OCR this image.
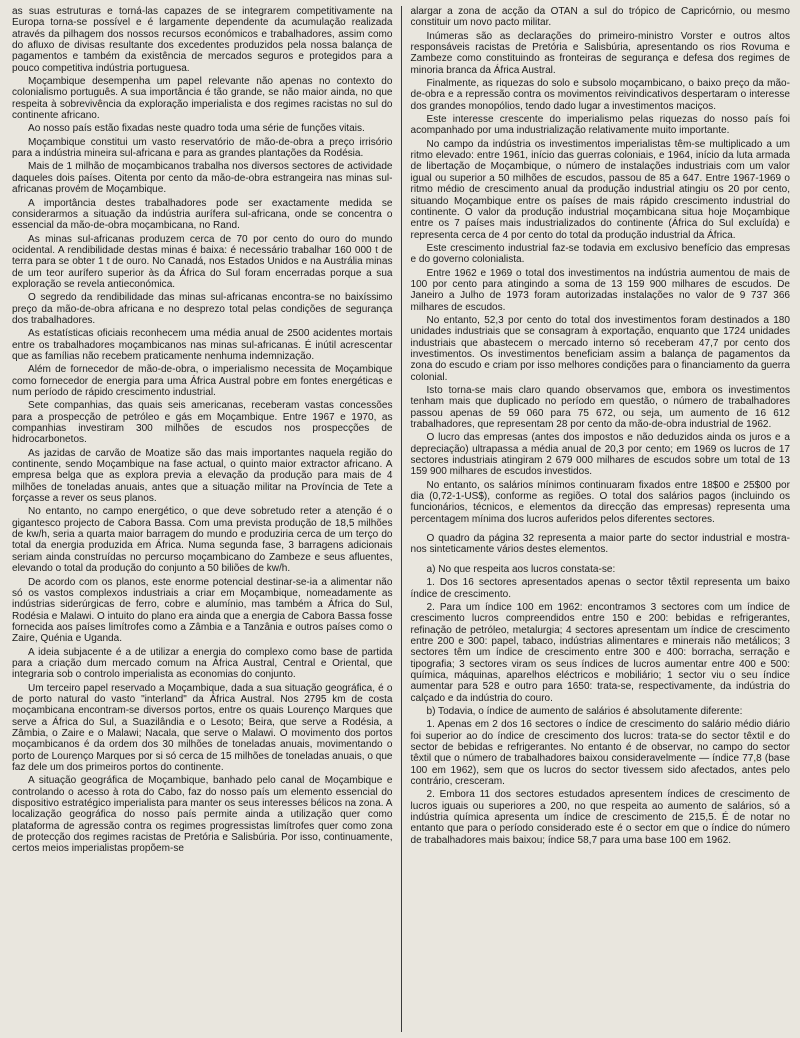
as suas estruturas e torná-las capazes de se integrarem competitivamente na Europa torna-se possível e é largamente dependente da acumulação realizada através da pilhagem dos nossos recursos económicos e trabalhadores, assim como do afluxo de divisas resultante dos excedentes produzidos pela nossa balança de pagamentos e também da existência de mercados seguros e protegidos para a pouco competitiva indústria portuguesa.

Moçambique desempenha um papel relevante não apenas no contexto do colonialismo português. A sua importância é tão grande, se não maior ainda, no que respeita à sobrevivência da exploração imperialista e dos regimes racistas no sul do continente africano.

Ao nosso país estão fixadas neste quadro toda uma série de funções vitais.

Moçambique constitui um vasto reservatório de mão-de-obra a preço irrisório para a indústria mineira sul-africana e para as grandes plantações da Rodésia.

Mais de 1 milhão de moçambicanos trabalha nos diversos sectores de actividade daqueles dois países. Oitenta por cento da mão-de-obra estrangeira nas minas sul-africanas provém de Moçambique.

A importância destes trabalhadores pode ser exactamente medida se considerarmos a situação da indústria aurífera sul-africana, onde se concentra o essencial da mão-de-obra moçambicana, no Rand.

As minas sul-africanas produzem cerca de 70 por cento do ouro do mundo ocidental. A rendibilidade destas minas é baixa: é necessário trabalhar 160 000 t de terra para se obter 1 t de ouro. No Canadá, nos Estados Unidos e na Austrália minas de um teor aurífero superior às da África do Sul foram encerradas porque a sua exploração se revela antieconómica.

O segredo da rendibilidade das minas sul-africanas encontra-se no baixíssimo preço da mão-de-obra africana e no desprezo total pelas condições de segurança dos trabalhadores.

As estatísticas oficiais reconhecem uma média anual de 2500 acidentes mortais entre os trabalhadores moçambicanos nas minas sul-africanas. É inútil acrescentar que as famílias não recebem praticamente nenhuma indemnização.

Além de fornecedor de mão-de-obra, o imperialismo necessita de Moçambique como fornecedor de energia para uma África Austral pobre em fontes energéticas e num período de rápido crescimento industrial.

Sete companhias, das quais seis americanas, receberam vastas concessões para a prospecção de petróleo e gás em Moçambique. Entre 1967 e 1970, as companhias investiram 300 milhões de escudos nos prospecções de hidrocarbonetos.

As jazidas de carvão de Moatize são das mais importantes naquela região do continente, sendo Moçambique na fase actual, o quinto maior extractor africano. A empresa belga que as explora previa a elevação da produção para mais de 4 milhões de toneladas anuais, antes que a situação militar na Província de Tete a forçasse a rever os seus planos.

No entanto, no campo energético, o que deve sobretudo reter a atenção é o gigantesco projecto de Cabora Bassa. Com uma prevista produção de 18,5 milhões de kw/h, seria a quarta maior barragem do mundo e produziria cerca de um terço do total da energia produzida em África. Numa segunda fase, 3 barragens adicionais seriam ainda construídas no percurso moçambicano do Zambeze e seus afluentes, elevando o total da produção do conjunto a 50 biliões de kw/h.

De acordo com os planos, este enorme potencial destinar-se-ia a alimentar não só os vastos complexos industriais a criar em Moçambique, nomeadamente as indústrias siderúrgicas de ferro, cobre e alumínio, mas também a África do Sul, Rodésia e Malawi. O intuito do plano era ainda que a energia de Cabora Bassa fosse fornecida aos países limítrofes como a Zâmbia e a Tanzânia e outros países como o Zaire, Quénia e Uganda.

A ideia subjacente é a de utilizar a energia do complexo como base de partida para a criação dum mercado comum na África Austral, Central e Oriental, que integraria sob o controlo imperialista as economias do conjunto.

Um terceiro papel reservado a Moçambique, dada a sua situação geográfica, é o de porto natural do vasto "interland" da África Austral. Nos 2795 km de costa moçambicana encontram-se diversos portos, entre os quais Lourenço Marques que serve a África do Sul, a Suazilândia e o Lesoto; Beira, que serve a Rodésia, a Zâmbia, o Zaire e o Malawi; Nacala, que serve o Malawi. O movimento dos portos moçambicanos é da ordem dos 30 milhões de toneladas anuais, movimentando o porto de Lourenço Marques por si só cerca de 15 milhões de toneladas anuais, o que faz dele um dos primeiros portos do continente.

A situação geográfica de Moçambique, banhado pelo canal de Moçambique e controlando o acesso à rota do Cabo, faz do nosso país um elemento essencial do dispositivo estratégico imperialista para manter os seus interesses bélicos na zona. A localização geográfica do nosso país permite ainda a utilização quer como plataforma de agressão contra os regimes progressistas limítrofes quer como zona de protecção dos regimes racistas de Pretória e Salisbúria. Por isso, continuamente, certos meios imperialistas propõem-se

alargar a zona de acção da OTAN a sul do trópico de Capricórnio, ou mesmo constituir um novo pacto militar.

Inúmeras são as declarações do primeiro-ministro Vorster e outros altos responsáveis racistas de Pretória e Salisbúria, apresentando os rios Rovuma e Zambeze como constituindo as fronteiras de segurança e defesa dos regimes de minoria branca da África Austral.

Finalmente, as riquezas do solo e subsolo moçambicano, o baixo preço da mão-de-obra e a repressão contra os movimentos reivindicativos despertaram o interesse dos grandes monopólios, tendo dado lugar a investimentos maciços.

Este interesse crescente do imperialismo pelas riquezas do nosso país foi acompanhado por uma industrialização relativamente muito importante.

No campo da indústria os investimentos imperialistas têm-se multiplicado a um ritmo elevado: entre 1961, início das guerras coloniais, e 1964, início da luta armada de libertação de Moçambique, o número de instalações industriais com um valor igual ou superior a 50 milhões de escudos, passou de 85 a 647. Entre 1967-1969 o ritmo médio de crescimento anual da produção industrial atingiu os 20 por cento, situando Moçambique entre os países de mais rápido crescimento industrial do continente. O valor da produção industrial moçambicana situa hoje Moçambique entre os 7 países mais industrializados do continente (África do Sul excluída) e representa cerca de 4 por cento do total da produção industrial da África.

Este crescimento industrial faz-se todavia em exclusivo benefício das empresas e do governo colonialista.

Entre 1962 e 1969 o total dos investimentos na indústria aumentou de mais de 100 por cento para atingindo a soma de 13 159 900 milhares de escudos. De Janeiro a Julho de 1973 foram autorizadas instalações no valor de 9 737 366 milhares de escudos.

No entanto, 52,3 por cento do total dos investimentos foram destinados a 180 unidades industriais que se consagram à exportação, enquanto que 1724 unidades industriais que abastecem o mercado interno só receberam 47,7 por cento dos investimentos. Os investimentos beneficiam assim a balança de pagamentos da zona do escudo e criam por isso melhores condições para o financiamento da guerra colonial.

Isto torna-se mais claro quando observamos que, embora os investimentos tenham mais que duplicado no período em questão, o número de trabalhadores passou apenas de 59 060 para 75 672, ou seja, um aumento de 16 612 trabalhadores, que representam 28 por cento da mão-de-obra industrial de 1962.

O lucro das empresas (antes dos impostos e não deduzidos ainda os juros e a depreciação) ultrapassa a média anual de 20,3 por cento; em 1969 os lucros de 17 sectores industriais atingiram 2 679 000 milhares de escudos sobre um total de 13 159 900 milhares de escudos investidos.

No entanto, os salários mínimos continuaram fixados entre 18$00 e 25$00 por dia (0,72-1-US$), conforme as regiões. O total dos salários pagos (incluindo os funcionários, técnicos, e elementos da direcção das empresas) representa uma percentagem mínima dos lucros auferidos pelos diferentes sectores.

O quadro da página 32 representa a maior parte do sector industrial e mostra-nos sinteticamente vários destes elementos.

a) No que respeita aos lucros constata-se:

1. Dos 16 sectores apresentados apenas o sector têxtil representa um baixo índice de crescimento.

2. Para um índice 100 em 1962: encontramos 3 sectores com um índice de crescimento lucros compreendidos entre 150 e 200: bebidas e refrigerantes, refinação de petróleo, metalurgia; 4 sectores apresentam um índice de crescimento entre 200 e 300: papel, tabaco, indústrias alimentares e minerais não metálicos; 3 sectores têm um índice de crescimento entre 300 e 400: borracha, serração e tipografia; 3 sectores viram os seus índices de lucros aumentar entre 400 e 500: química, máquinas, aparelhos eléctricos e mobiliário; 1 sector viu o seu índice aumentar para 528 e outro para 1650: trata-se, respectivamente, da indústria do calçado e da indústria do couro.

b) Todavia, o índice de aumento de salários é absolutamente diferente:

1. Apenas em 2 dos 16 sectores o índice de crescimento do salário médio diário foi superior ao do índice de crescimento dos lucros: trata-se do sector têxtil e do sector de bebidas e refrigerantes. No entanto é de observar, no campo do sector têxtil que o número de trabalhadores baixou consideravelmente — índice 77,8 (base 100 em 1962), sem que os lucros do sector tivessem sido afectados, antes pelo contrário, cresceram.

2. Embora 11 dos sectores estudados apresentem índices de crescimento de lucros iguais ou superiores a 200, no que respeita ao aumento de salários, só a indústria química apresenta um índice de crescimento de 215,5. É de notar no entanto que para o período considerado este é o sector em que o índice do número de trabalhadores mais baixou; índice 58,7 para uma base 100 em 1962.
